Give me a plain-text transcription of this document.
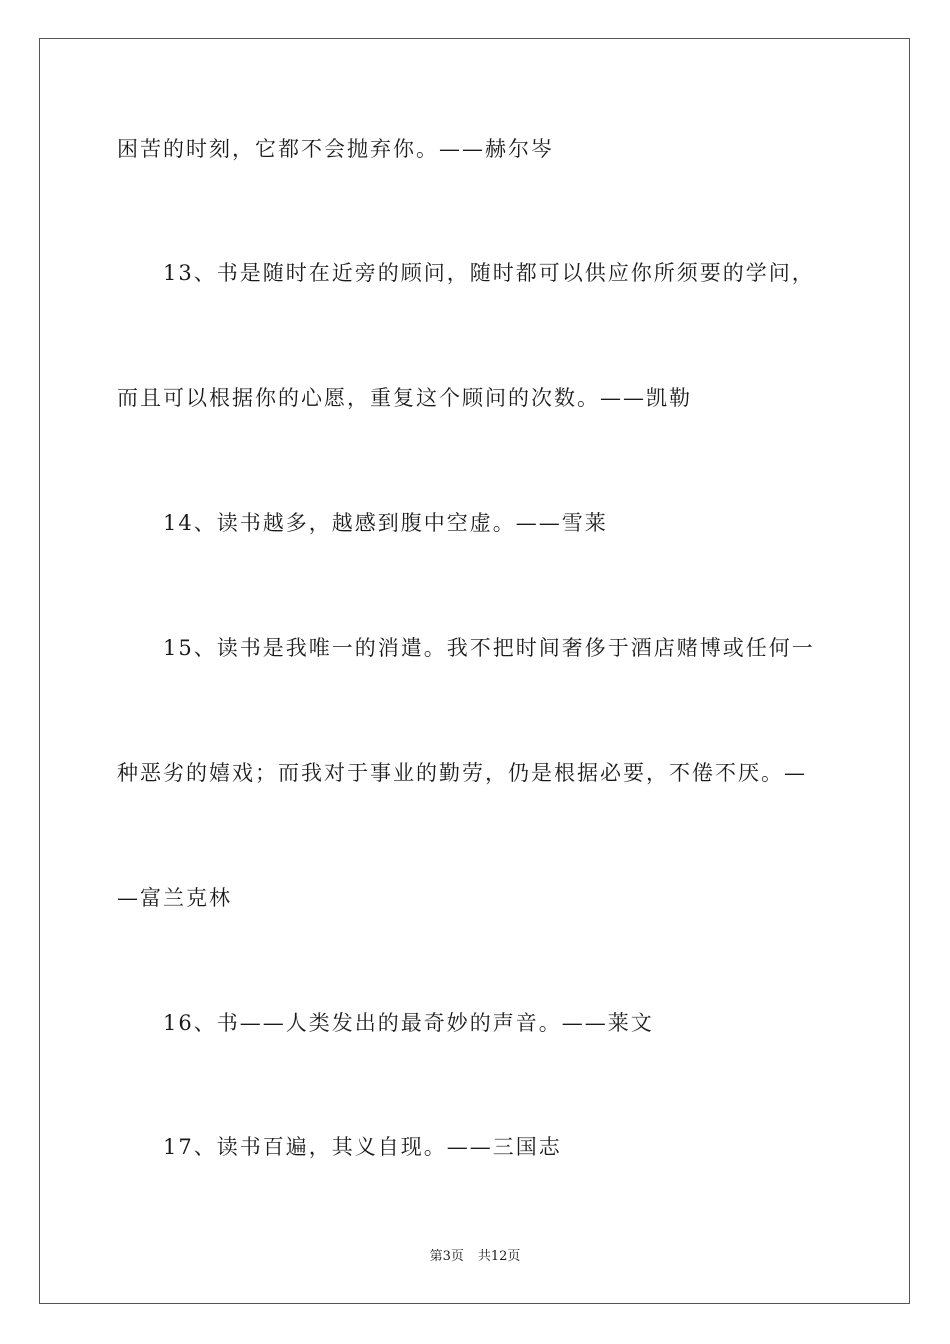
困苦的时刻，它都不会抛弃你。——赫尔岑
13、书是随时在近旁的顾问，随时都可以供应你所须要的学问，
而且可以根据你的心愿，重复这个顾问的次数。——凯勒
14、读书越多，越感到腹中空虚。——雪莱
15、读书是我唯一的消遣。我不把时间奢侈于酒店赌博或任何一
种恶劣的嬉戏；而我对于事业的勤劳，仍是根据必要，不倦不厌。—
—富兰克林
16、书——人类发出的最奇妙的声音。——莱文
17、读书百遍，其义自现。——三国志
第3页 共12页
